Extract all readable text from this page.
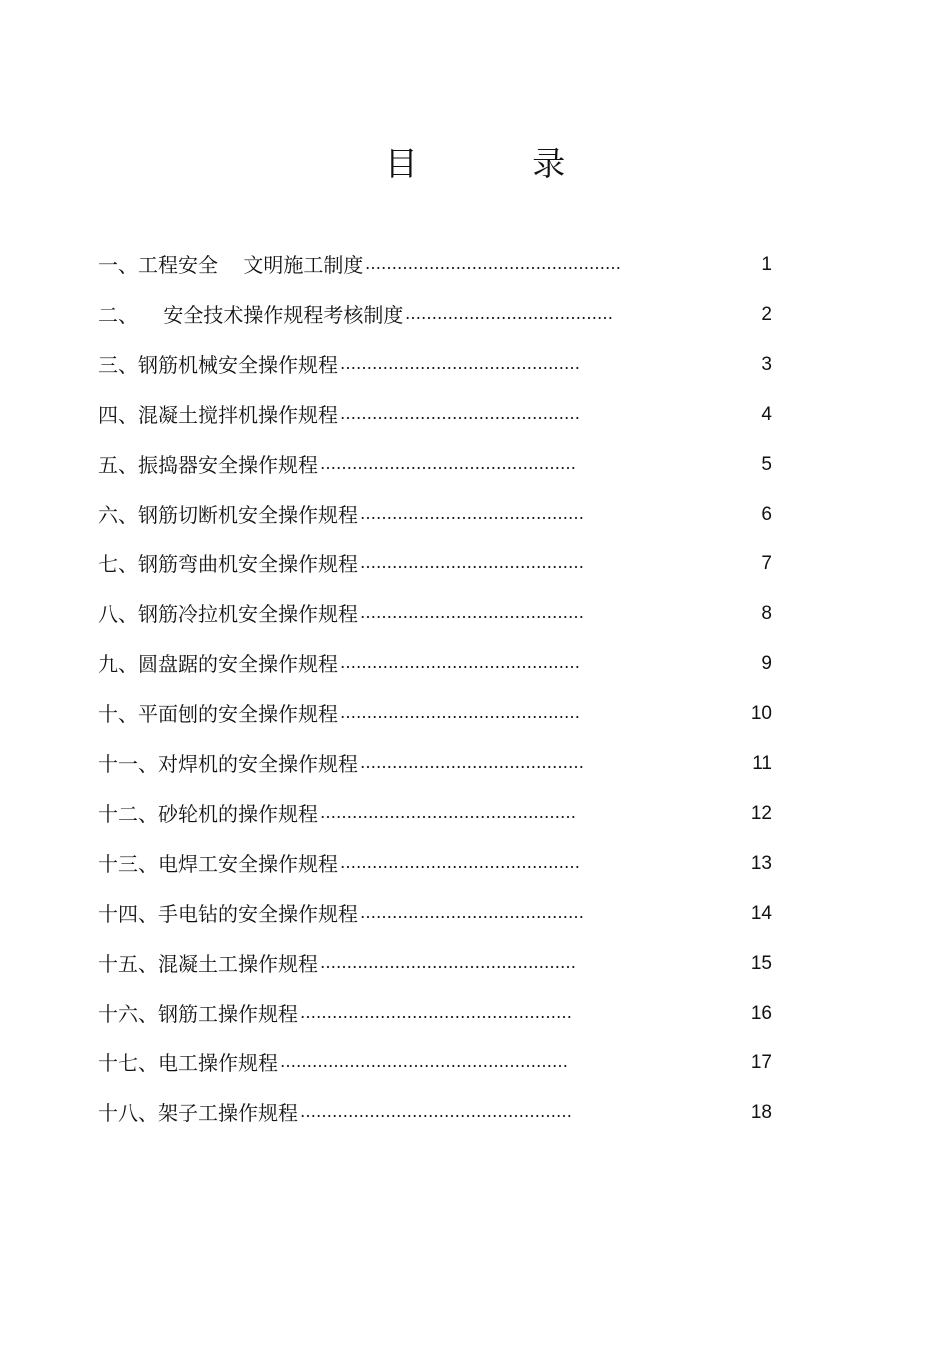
目 录
一、工程安全    文明施工制度 …………………………………………	1
二、    安全技术操作规程考核制度 …………………………………	2
三、钢筋机械安全操作规程 ………………………………………	3
四、混凝土搅拌机操作规程 ………………………………………	4
五、振捣器安全操作规程 …………………………………………	5
六、钢筋切断机安全操作规程 ……………………………………	6
七、钢筋弯曲机安全操作规程 ……………………………………	7
八、钢筋冷拉机安全操作规程 ……………………………………	8
九、圆盘踞的安全操作规程 ………………………………………	9
十、平面刨的安全操作规程 ………………………………………	10
十一、对焊机的安全操作规程 ……………………………………	11
十二、砂轮机的操作规程 …………………………………………	12
十三、电焊工安全操作规程 ………………………………………	13
十四、手电钻的安全操作规程 ……………………………………	14
十五、混凝土工操作规程 …………………………………………	15
十六、钢筋工操作规程 ……………………………………………	16
十七、电工操作规程 ………………………………………………	17
十八、架子工操作规程 ……………………………………………	18
